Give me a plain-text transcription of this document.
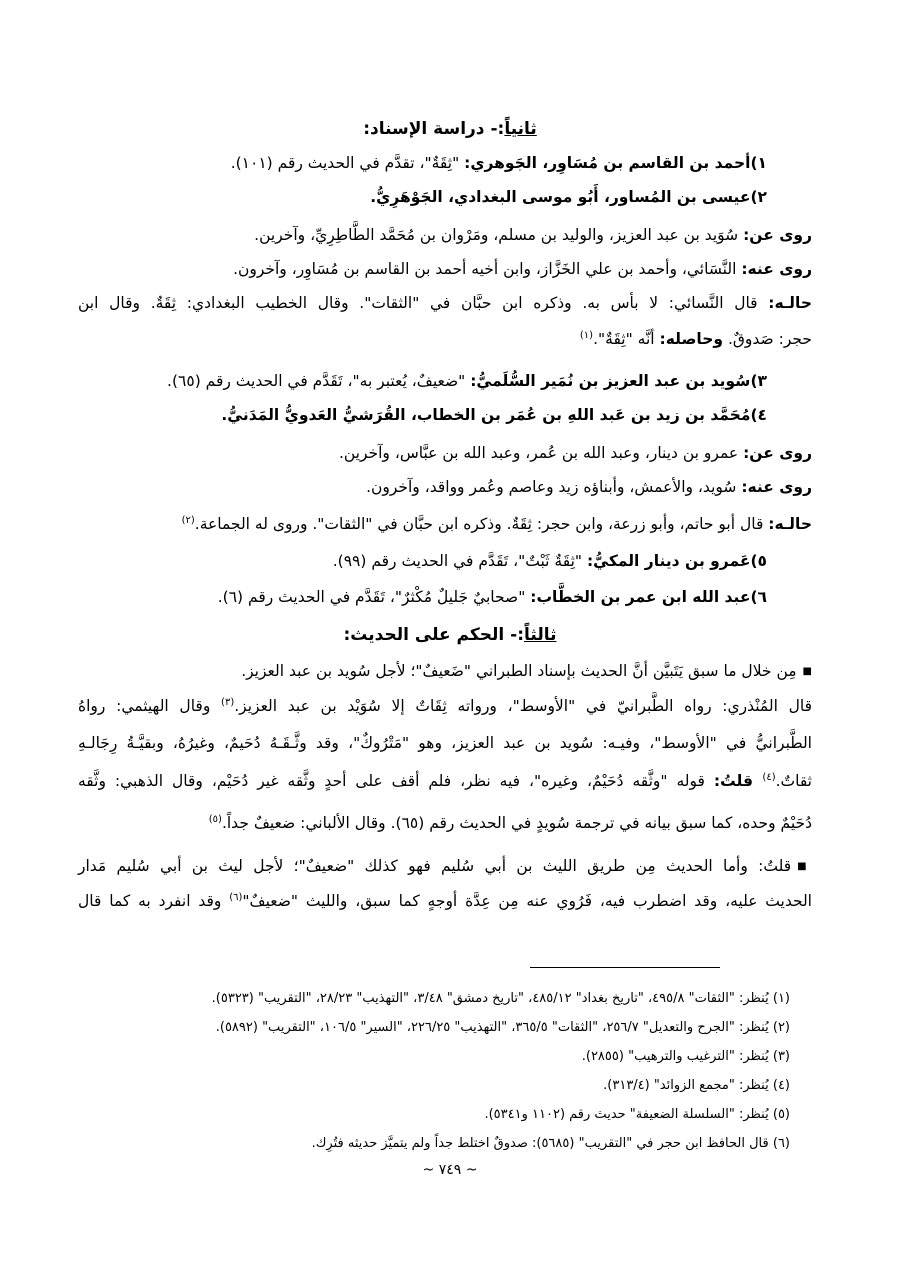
ثانياً:- دراسة الإسناد:
١)أحمد بن القاسم بن مُسَاوِر، الجَوهري: "ثِقَةٌ"، تقدَّم في الحديث رقم (١٠١).
٢)عيسى بن المُساور، أَبُو موسى البغدادي، الجَوْهَرِيُّ.
روى عن: سُوَيد بن عبد العزيز، والوليد بن مسلم، ومَرْوان بن مُحَمَّد الطَّاطِرِيِّ، وآخرين.
روى عنه: النَّسَائي، وأحمد بن علي الخَزَّاز، وابن أخيه أحمد بن القاسم بن مُسَاوِر، وآخرون.
حالـه: قال النَّسائي: لا بأس به. وذكره ابن حبَّان في "الثقات". وقال الخطيب البغدادي: ثِقَةٌ. وقال ابن
حجر: صَدوقٌ. وحاصله: أنَّه "ثِقَةٌ".$^{(١)}$
٣)سُويد بن عبد العزيز بن نُمَير السُّلَميُّ: "ضعيفٌ، يُعتبر به"، تَقَدَّم في الحديث رقم (٦٥).
٤)مُحَمَّد بن زيد بن عَبد اللهِ بن عُمَر بن الخطاب، القُرَشيُّ العَدويُّ المَدَنيُّ.
روى عن: عمرو بن دينار، وعبد الله بن عُمر، وعبد الله بن عبَّاس، وآخرين.
روى عنه: سُويد، والأعمش، وأبناؤه زيد وعاصم وعُمر وواقد، وآخرون.
حالـه: قال أبو حاتم، وأبو زرعة، وابن حجر: ثِقَةٌ. وذكره ابن حبَّان في "الثقات". وروى له الجماعة.$^{(٢)}$
٥)عَمرو بن دينار المكيُّ: "ثِقَةٌ ثَبْتٌ"، تَقَدَّم في الحديث رقم (٩٩).
٦)عبد الله ابن عمر بن الخطَّاب: "صحابيٌ جَليلٌ مُكْثرٌ"، تَقَدَّم في الحديث رقم (٦).
ثالثاً:- الحكم على الحديث:
■مِن خلال ما سبق يَتَبيَّن أنَّ الحديث بإسناد الطبراني "ضَعيفٌ"؛ لأجل سُويد بن عبد العزيز.
قال المُنْذري: رواه الطَّبرانيّ في "الأوسط"، ورواته ثِقَاتٌ إلا سُوَيْد بن عبد العزيز.$^{(٣)}$ وقال الهيثمي: رواهُ
الطَّبرانيُّ في "الأوسط"، وفيـه: سُويد بن عبد العزيز، وهو "مَتْرُوكٌ"، وقد وثَّـقَـهُ دُحَيمٌ، وغيرُهُ، وبقيَّـةُ رِجَالـهِ
ثقاتٌ.$^{(٤)}$ قلتُ: قوله "وثَّقه دُحَيْمٌ، وغيره"، فيه نظر، فلم أقف على أحدٍ وثَّقه غير دُحَيْم، وقال الذهبي: وثَّقه
دُحَيْمٌ وحده، كما سبق بيانه في ترجمة سُويدٍ في الحديث رقم (٦٥). وقال الألباني: ضعيفٌ جداً.$^{(٥)}$
■قلتُ: وأما الحديث مِن طريق الليث بن أبي سُليم فهو كذلك "ضعيفٌ"؛ لأجل ليث بن أبي سُليم مَدار
الحديث عليه، وقد اضطرب فيه، فَرُوي عنه مِن عِدَّة أوجهٍ كما سبق، والليث "ضعيفٌ"$^{(٦)}$ وقد انفرد به كما قال
(١) يُنظر: "الثقات" ٤٩٥/٨، "تاريخ بغداد" ٤٨٥/١٢، "تاريخ دمشق" ٣/٤٨، "التهذيب" ٢٨/٢٣، "التقريب" (٥٣٢٣).
(٢) يُنظر: "الجرح والتعديل" ٢٥٦/٧، "الثقات" ٣٦٥/٥، "التهذيب" ٢٢٦/٢٥، "السير" ١٠٦/٥، "التقريب" (٥٨٩٢).
(٣) يُنظر: "الترغيب والترهيب" (٢٨٥٥).
(٤) يُنظر: "مجمع الزوائد" (٣١٣/٤).
(٥) يُنظر: "السلسلة الضعيفة" حديث رقم (١١٠٢ و٥٣٤١).
(٦) قال الحافظ ابن حجر في "التقريب" (٥٦٨٥): صدوقٌ اختلط جداً ولم يتميَّز حديثه فتُرِك.
~ ٧٤٩ ~
